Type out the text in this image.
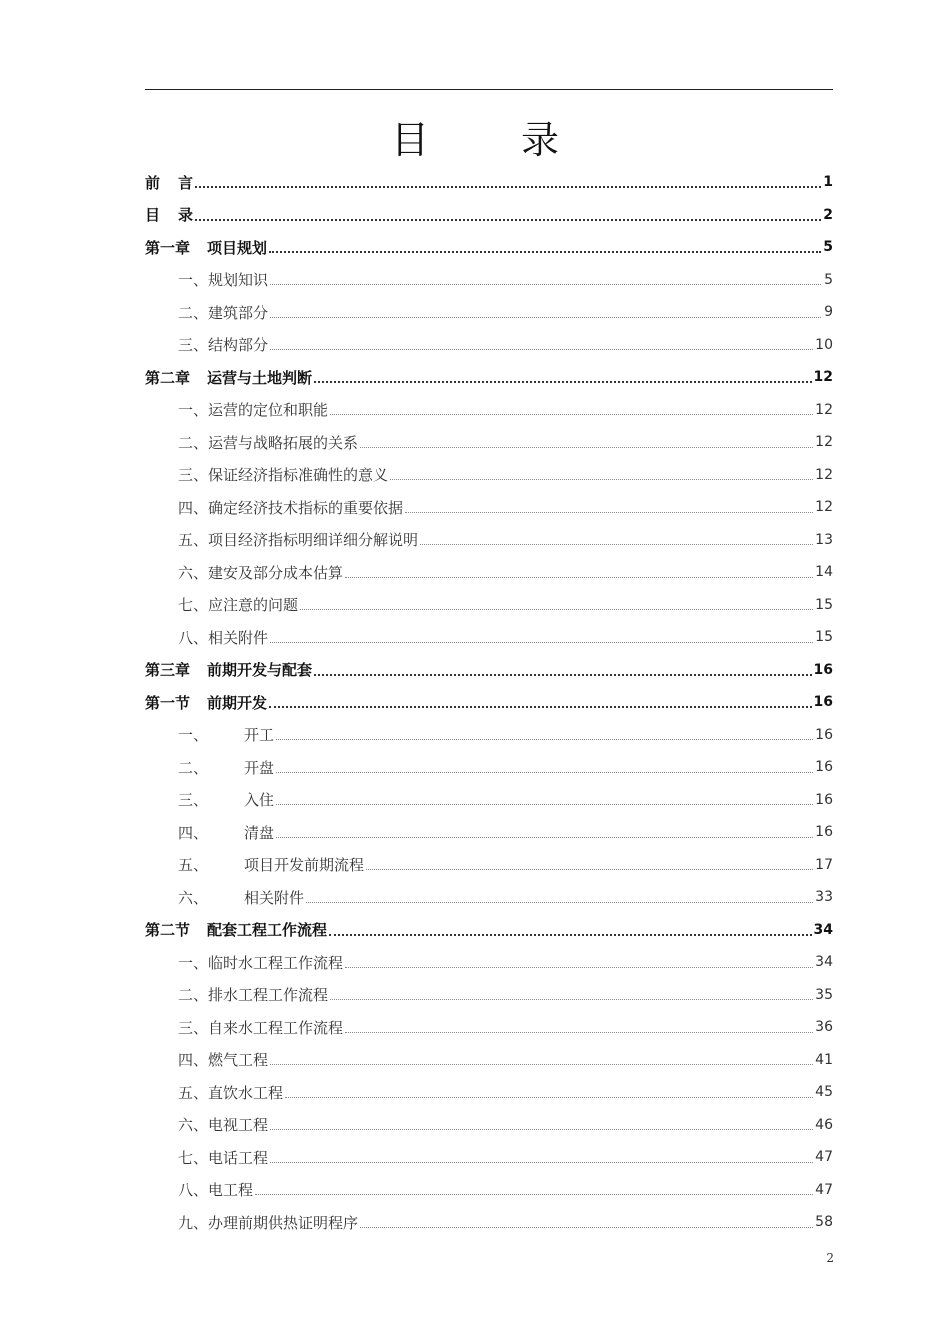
目 录
前	言	1
目	录	2
第一章	项目规划	5
一、规划知识	5
二、建筑部分	9
三、结构部分	10
第二章	运营与土地判断	12
一、运营的定位和职能	12
二、运营与战略拓展的关系	12
三、保证经济指标准确性的意义	12
四、确定经济技术指标的重要依据	12
五、项目经济指标明细详细分解说明	13
六、建安及部分成本估算	14
七、应注意的问题	15
八、相关附件	15
第三章	前期开发与配套	16
第一节	前期开发	16
一、	开工	16
二、	开盘	16
三、	入住	16
四、	清盘	16
五、	项目开发前期流程	17
六、	相关附件	33
第二节	配套工程工作流程	34
一、临时水工程工作流程	34
二、排水工程工作流程	35
三、自来水工程工作流程	36
四、燃气工程	41
五、直饮水工程	45
六、电视工程	46
七、电话工程	47
八、电工程	47
九、办理前期供热证明程序	58
2
